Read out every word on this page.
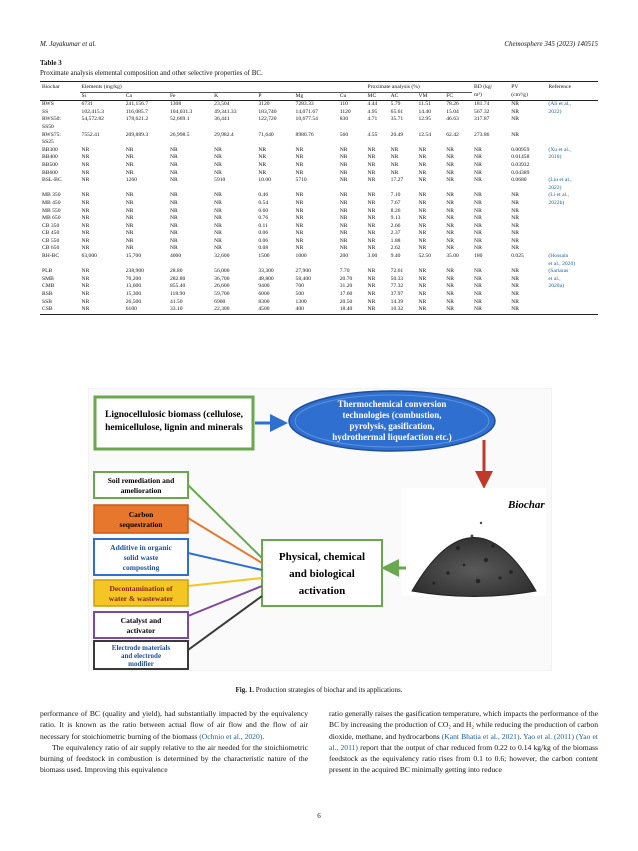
M. Jayakumar et al.	Chemosphere 345 (2023) 140515
Table 3
Proximate analysis elemental composition and other selective properties of BC.
Biochar	Elements (mg/kg)							Proximate analysis (%)				BD (kg/	PV	Reference
	Si	Ca	Fe	K	P	Mg	Cu	MC	AC	VM	FC	m³)	(cm³/g)	
RWS	6731	241,156.7	1308	23,504	3120	7283.33	110	4.44	5.79	11.51	78.26	181.74	NR	(Ali et al.,
SS	102,415.3	116,085.7	104,031.3	49,341.33	183,740	14,071.67	1120	4.95	65.61	14.40	15.04	567.32	NR	2022)
RWS50:	54,572.82	178,621.2	52,669.1	36,441	122,720	10,677.54	830	4.71	35.71	12.95	46.63	317.87	NR	
SS50														
RWS75:	7552.41	209,889.3	26,998.5	29,982.4	71,640	8980.76	560	4.55	20.49	12.54	62.42	273.86	NR	
SS25														
BB300	NR	NR	NR	NR	NR	NR	NR	NR	NR	NR	NR	NR	0.00959	(Xu et al.,
BB400	NR	NR	NR	NR	NR	NR	NR	NR	NR	NR	NR	NR	0.01458	2018)
BB500	NR	NR	NR	NR	NR	NR	NR	NR	NR	NR	NR	NR	0.03932	
BB600	NR	NR	NR	NR	NR	NR	NR	NR	NR	NR	NR	NR	0.04389	
BSL-BC	NR	1260	NR	5910	10.00	5710	NR	NR	17.27	NR	NR	NR	0.0680	(Liu et al.,
														2022)
MB 350	NR	NR	NR	NR	0.46	NR	NR	NR	7.10	NR	NR	NR	NR	(Li et al.,
MB 450	NR	NR	NR	NR	0.54	NR	NR	NR	7.67	NR	NR	NR	NR	2022b)
MB 550	NR	NR	NR	NR	0.60	NR	NR	NR	8.26	NR	NR	NR	NR	
MB 650	NR	NR	NR	NR	0.76	NR	NR	NR	9.13	NR	NR	NR	NR	
CB 350	NR	NR	NR	NR	0.11	NR	NR	NR	2.66	NR	NR	NR	NR	
CB 450	NR	NR	NR	NR	0.06	NR	NR	NR	2.37	NR	NR	NR	NR	
CB 550	NR	NR	NR	NR	0.06	NR	NR	NR	1.88	NR	NR	NR	NR	
CB 650	NR	NR	NR	NR	0.08	NR	NR	NR	2.62	NR	NR	NR	NR	
RH-BC	63,000	15,700	4000	32,600	1500	1000	200	3.00	9.40	52.50	35.00	180	0.025	(Hossain
														et al., 2020)
PLB	NR	238,900	28.80	56,000	33,300	27,900	7.70	NR	72.61	NR	NR	NR	NR	(Sarlaras
SMB	NR	70,200	282.80	36,700	48,800	58,400	20.70	NR	50.33	NR	NR	NR	NR	et al.,
CMB	NR	13,600	855.40	26,600	9400	700	31.20	NR	77.32	NR	NR	NR	NR	2020a)
RSB	NR	15,300	118.90	59,700	6000	500	17.60	NR	37.97	NR	NR	NR	NR	
SSB	NR	26,500	41.50	6900	8300	1300	20.50	NR	14.39	NR	NR	NR	NR	
CSB	NR	6100	33.10	22,300	4500	400	18.40	NR	10.32	NR	NR	NR	NR	
Lignocellulosic biomass (cellulose,
hemicellulose, lignin and minerals
Thermochemical conversion
technologies (combustion,
pyrolysis, gasification,
hydrothermal liquefaction etc.)
Biochar
Physical, chemical
and biological
activation
Soil remediation and
amelioration
Carbon
sequestration
Additive in organic
solid waste
composting
Decontamination of
water & wastewater
Catalyst and
activator
Electrode materials
and electrode
modifier
Fig. 1. Production strategies of biochar and its applications.
performance of BC (quality and yield), had substantially impacted by the equivalency ratio. It is known as the ratio between actual flow of air flow and the flow of air necessary for stoichiometric burning of the biomass (Ochnio et al., 2020).
The equivalency ratio of air supply relative to the air needed for the stoichiometric burning of feedstock in combustion is determined by the characteristic nature of the biomass used. Improving this equivalence
ratio generally raises the gasification temperature, which impacts the performance of the BC by increasing the production of CO₂ and H₂ while reducing the production of carbon dioxide, methane, and hydrocarbons (Kant Bhatia et al., 2021). Yao et al. (2011) (Yao et al., 2011) report that the output of char reduced from 0.22 to 0.14 kg/kg of the biomass feedstock as the equivalency ratio rises from 0.1 to 0.6; however, the carbon content present in the acquired BC minimally getting into reduce
6
